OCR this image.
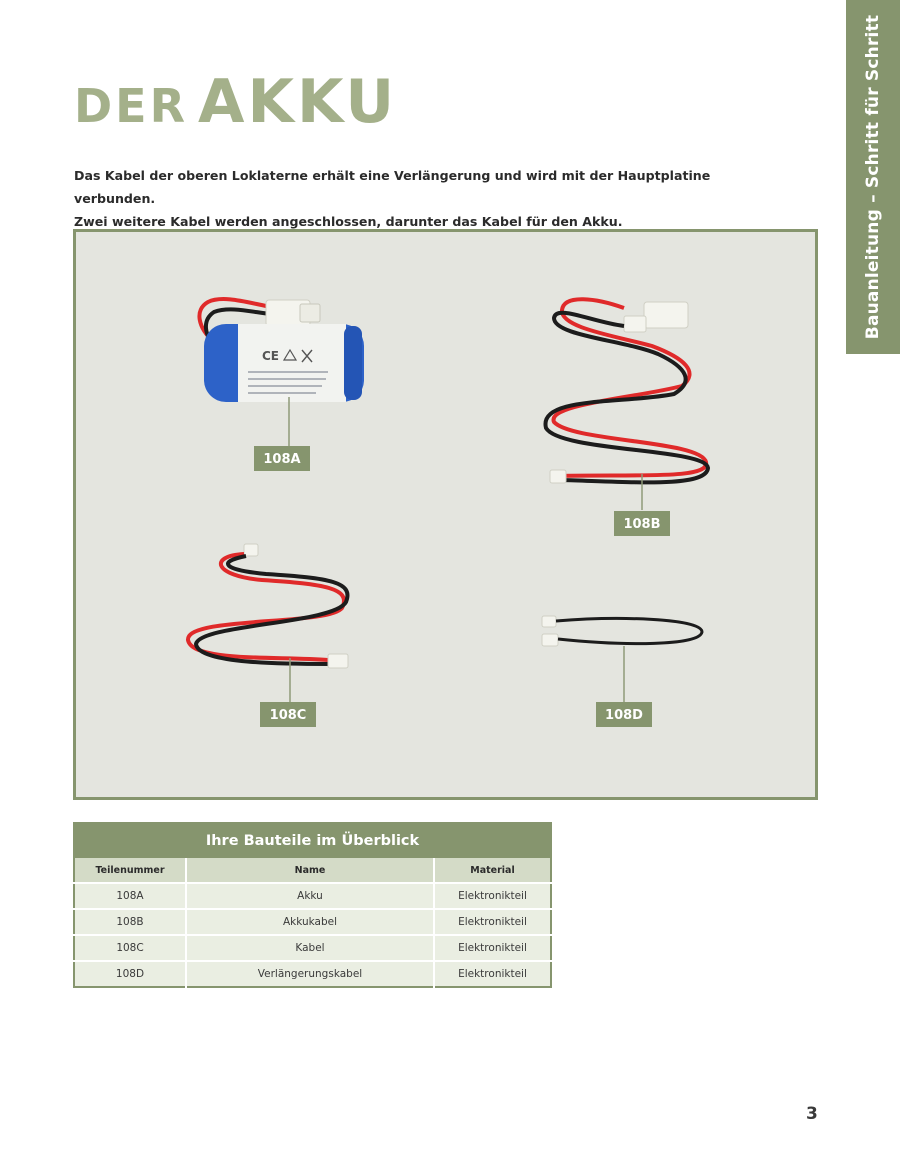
Bauanleitung – Schritt für Schritt
DER AKKU

Das Kabel der oberen Loklaterne erhält eine Verlängerung und wird mit der Hauptplatine verbunden.
Zwei weitere Kabel werden angeschlossen, darunter das Kabel für den Akku.

CE
108A
108B
108C	108D
Ihre Bauteile im Überblick		
Teilenummer	Name	Material
108A	Akku	Elektronikteil
108B	Akkukabel	Elektronikteil
108C	Kabel	Elektronikteil
108D	Verlängerungskabel	Elektronikteil
3
